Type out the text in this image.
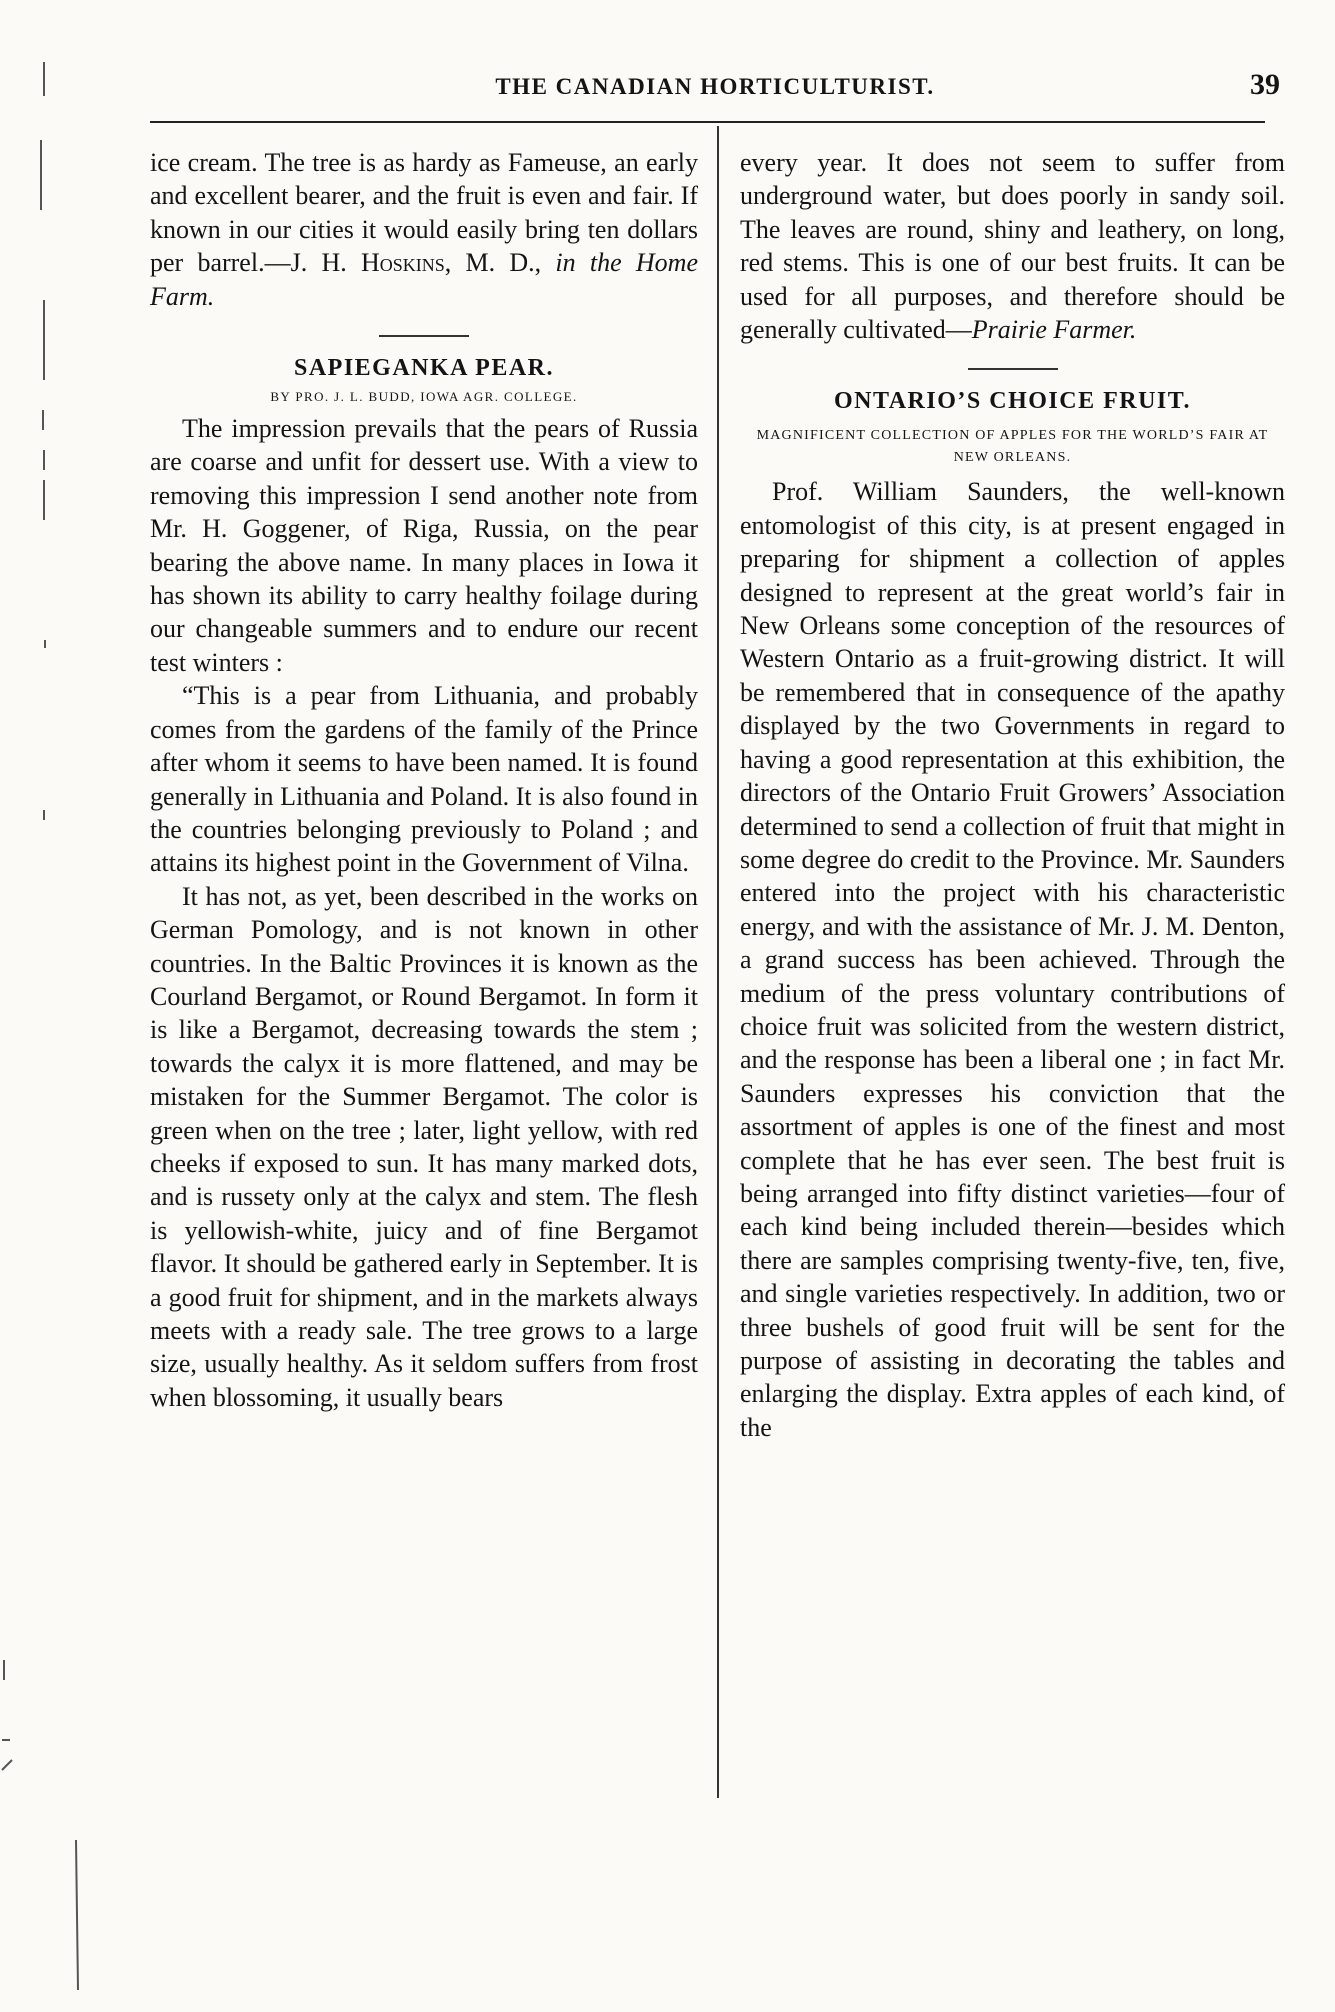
THE CANADIAN HORTICULTURIST.	39

ice cream. The tree is as hardy as Fameuse, an early and excellent bearer, and the fruit is even and fair. If known in our cities it would easily bring ten dollars per barrel.—J. H. Hoskins, M. D., in the Home Farm.

SAPIEGANKA PEAR.
BY PRO. J. L. BUDD, IOWA AGR. COLLEGE.

The impression prevails that the pears of Russia are coarse and unfit for dessert use. With a view to removing this impression I send another note from Mr. H. Goggener, of Riga, Russia, on the pear bearing the above name. In many places in Iowa it has shown its ability to carry healthy foilage during our changeable summers and to endure our recent test winters :

“This is a pear from Lithuania, and probably comes from the gardens of the family of the Prince after whom it seems to have been named. It is found generally in Lithuania and Poland. It is also found in the countries belonging previously to Poland ; and attains its highest point in the Government of Vilna.

It has not, as yet, been described in the works on German Pomology, and is not known in other countries. In the Baltic Provinces it is known as the Courland Bergamot, or Round Bergamot. In form it is like a Bergamot, decreasing towards the stem ; towards the calyx it is more flattened, and may be mistaken for the Summer Bergamot. The color is green when on the tree ; later, light yellow, with red cheeks if exposed to sun. It has many marked dots, and is russety only at the calyx and stem. The flesh is yellowish-white, juicy and of fine Bergamot flavor. It should be gathered early in September. It is a good fruit for shipment, and in the markets always meets with a ready sale. The tree grows to a large size, usually healthy. As it seldom suffers from frost when blossoming, it usually bears

every year. It does not seem to suffer from underground water, but does poorly in sandy soil. The leaves are round, shiny and leathery, on long, red stems. This is one of our best fruits. It can be used for all purposes, and therefore should be generally cultivated—Prairie Farmer.

ONTARIO’S CHOICE FRUIT.
MAGNIFICENT COLLECTION OF APPLES FOR THE WORLD’S FAIR AT NEW ORLEANS.

Prof. William Saunders, the well-known entomologist of this city, is at present engaged in preparing for shipment a collection of apples designed to represent at the great world’s fair in New Orleans some conception of the resources of Western Ontario as a fruit-growing district. It will be remembered that in consequence of the apathy displayed by the two Governments in regard to having a good representation at this exhibition, the directors of the Ontario Fruit Growers’ Association determined to send a collection of fruit that might in some degree do credit to the Province. Mr. Saunders entered into the project with his characteristic energy, and with the assistance of Mr. J. M. Denton, a grand success has been achieved. Through the medium of the press voluntary contributions of choice fruit was solicited from the western district, and the response has been a liberal one ; in fact Mr. Saunders expresses his conviction that the assortment of apples is one of the finest and most complete that he has ever seen. The best fruit is being arranged into fifty distinct varieties—four of each kind being included therein—besides which there are samples comprising twenty-five, ten, five, and single varieties respectively. In addition, two or three bushels of good fruit will be sent for the purpose of assisting in decorating the tables and enlarging the display. Extra apples of each kind, of the
